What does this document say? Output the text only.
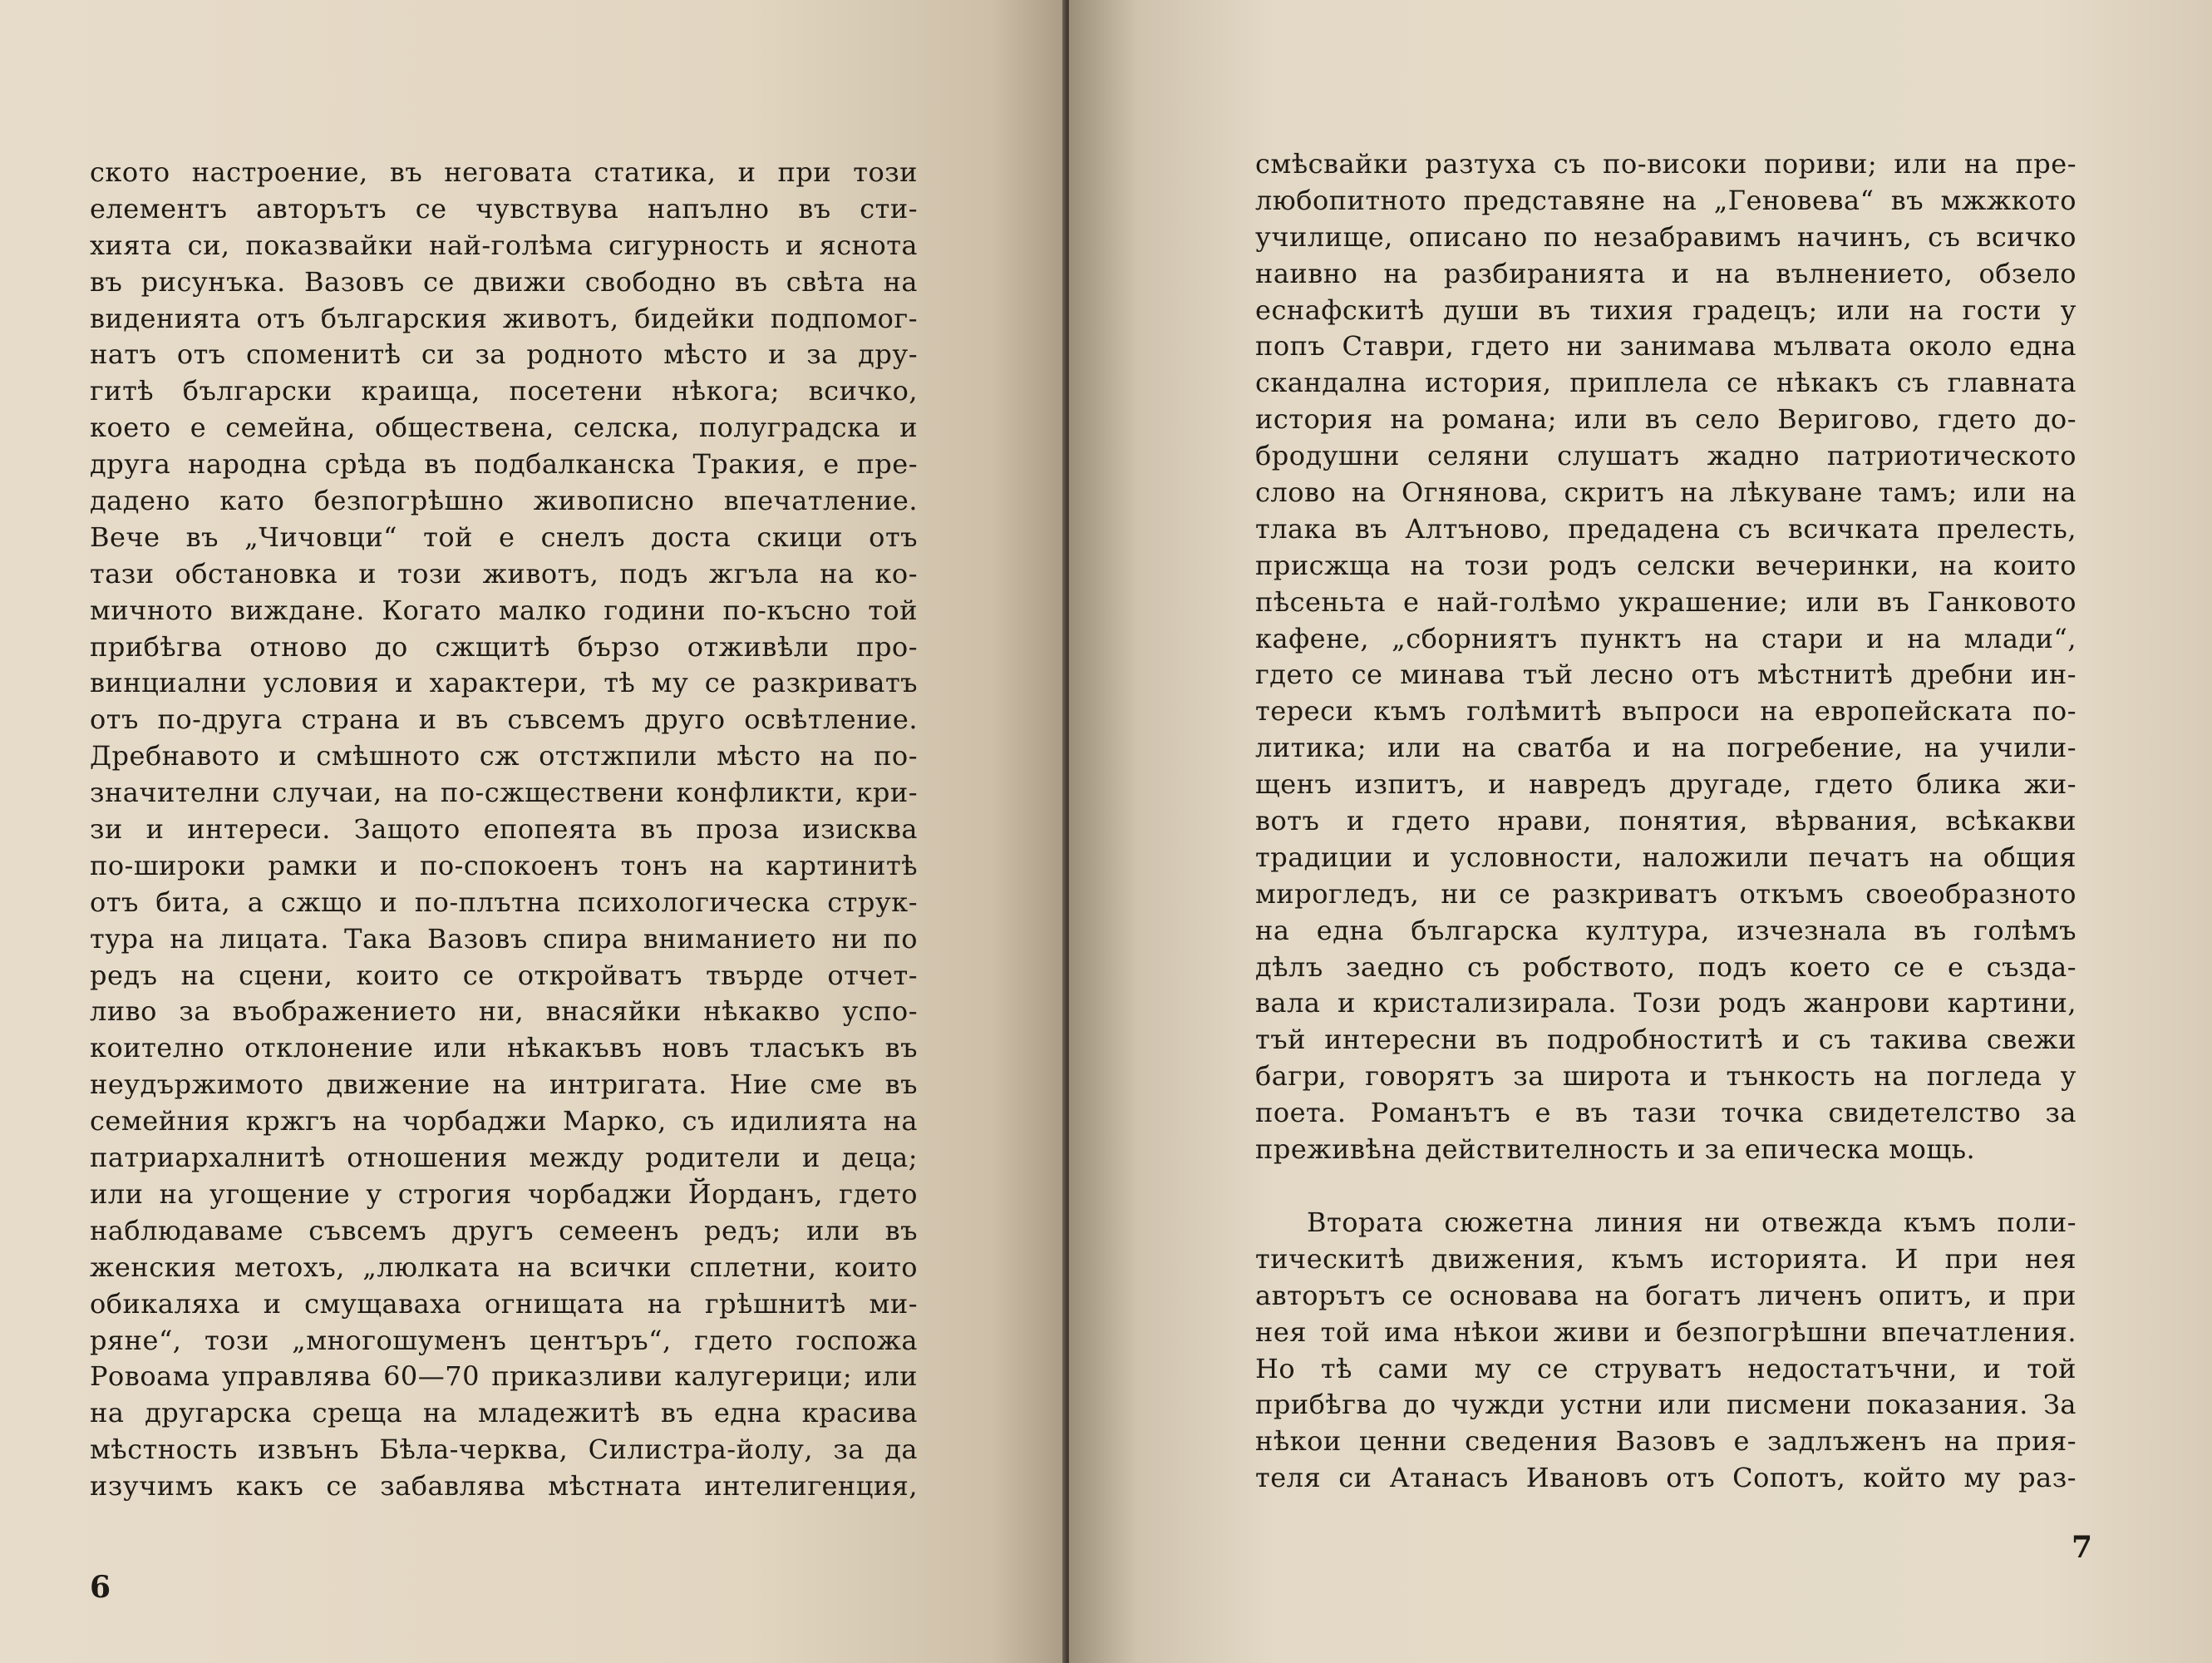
ското настроение, въ неговата статика, и при този
елементъ авторътъ се чувствува напълно въ сти-
хията си, показвайки най-голѣма сигурность и яснота
въ рисунъка. Вазовъ се движи свободно въ свѣта на
виденията отъ българския животъ, бидейки подпомог-
натъ отъ споменитѣ си за родното мѣсто и за дру-
гитѣ български краища, посетени нѣкога; всичко,
което е семейна, обществена, селска, полуградска и
друга народна срѣда въ подбалканска Тракия, е пре-
дадено като безпогрѣшно живописно впечатление.
Вече въ „Чичовци“ той е снелъ доста скици отъ
тази обстановка и този животъ, подъ жгъла на ко-
мичното виждане. Когато малко години по-късно той
прибѣгва отново до сжщитѣ бързо отживѣли про-
винциални условия и характери, тѣ му се разкриватъ
отъ по-друга страна и въ съвсемъ друго освѣтление.
Дребнавото и смѣшното сж отстжпили мѣсто на по-
значителни случаи, на по-сжществени конфликти, кри-
зи и интереси. Защото епопеята въ проза изисква
по-широки рамки и по-спокоенъ тонъ на картинитѣ
отъ бита, а сжщо и по-плътна психологическа струк-
тура на лицата. Така Вазовъ спира вниманието ни по
редъ на сцени, които се откройватъ твърде отчет-
ливо за въображението ни, внасяйки нѣкакво успо-
коително отклонение или нѣкакъвъ новъ тласъкъ въ
неудържимото движение на интригата. Ние сме въ
семейния кржгъ на чорбаджи Марко, съ идилията на
патриархалнитѣ отношения между родители и деца;
или на угощение у строгия чорбаджи Йорданъ, гдето
наблюдаваме съвсемъ другъ семеенъ редъ; или въ
женския метохъ, „люлката на всички сплетни, които
обикаляха и смущаваха огнищата на грѣшнитѣ ми-
ряне“, този „многошуменъ центъръ“, гдето госпожа
Ровоама управлява 60—70 приказливи калугерици; или
на другарска среща на младежитѣ въ една красива
мѣстность извънъ Бѣла-черква, Силистра-йолу, за да
изучимъ какъ се забавлява мѣстната интелигенция,
6
смѣсвайки разтуха съ по-високи пориви; или на пре-
любопитното представяне на „Геновева“ въ мжжкото
училище, описано по незабравимъ начинъ, съ всичко
наивно на разбиранията и на вълнението, обзело
еснафскитѣ души въ тихия градецъ; или на гости у
попъ Ставри, гдето ни занимава мълвата около една
скандална история, приплела се нѣкакъ съ главната
история на романа; или въ село Веригово, гдето до-
бродушни селяни слушатъ жадно патриотическото
слово на Огнянова, скритъ на лѣкуване тамъ; или на
тлака въ Алтъново, предадена съ всичката прелесть,
присжща на този родъ селски вечеринки, на които
пѣсеньта е най-голѣмо украшение; или въ Ганковото
кафене, „сборниятъ пунктъ на стари и на млади“,
гдето се минава тъй лесно отъ мѣстнитѣ дребни ин-
тереси къмъ голѣмитѣ въпроси на европейската по-
литика; или на сватба и на погребение, на учили-
щенъ изпитъ, и навредъ другаде, гдето блика жи-
вотъ и гдето нрави, понятия, вѣрвания, всѣкакви
традиции и условности, наложили печатъ на общия
мирогледъ, ни се разкриватъ откъмъ своеобразното
на една българска култура, изчезнала въ голѣмъ
дѣлъ заедно съ робството, подъ което се е създа-
вала и кристализирала. Този родъ жанрови картини,
тъй интересни въ подробноститѣ и съ такива свежи
багри, говорятъ за широта и тънкость на погледа у
поета. Романътъ е въ тази точка свидетелство за
преживѣна действителность и за епическа мощь.
Втората сюжетна линия ни отвежда къмъ поли-
тическитѣ движения, къмъ историята. И при нея
авторътъ се основава на богатъ личенъ опитъ, и при
нея той има нѣкои живи и безпогрѣшни впечатления.
Но тѣ сами му се струватъ недостатъчни, и той
прибѣгва до чужди устни или писмени показания. За
нѣкои ценни сведения Вазовъ е задлъженъ на прия-
теля си Атанасъ Ивановъ отъ Сопотъ, който му раз-
7
